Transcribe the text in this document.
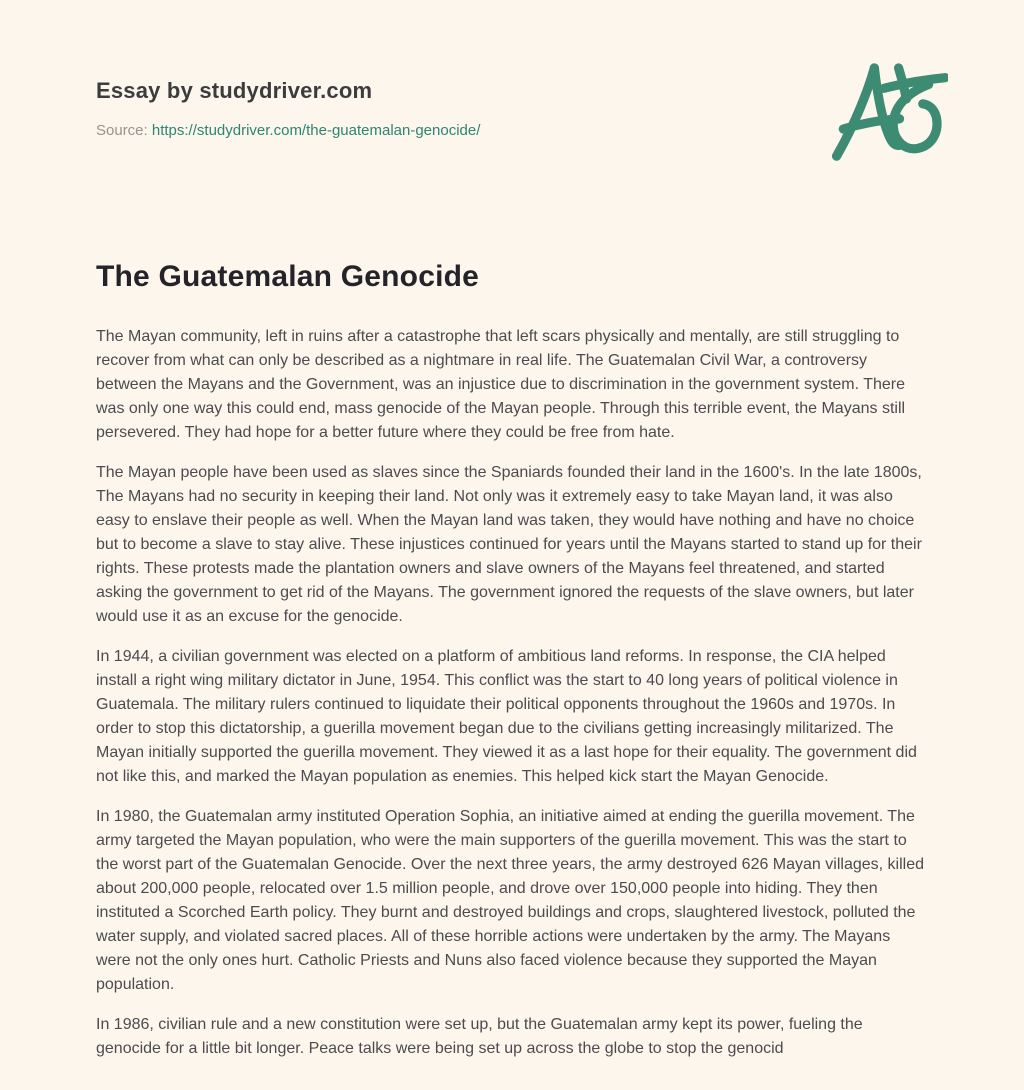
Essay by studydriver.com

Source: https://studydriver.com/the-guatemalan-genocide/

The Guatemalan Genocide

The Mayan community, left in ruins after a catastrophe that left scars physically and mentally, are still struggling to recover from what can only be described as a nightmare in real life. The Guatemalan Civil War, a controversy between the Mayans and the Government, was an injustice due to discrimination in the government system. There was only one way this could end, mass genocide of the Mayan people. Through this terrible event, the Mayans still persevered. They had hope for a better future where they could be free from hate.

The Mayan people have been used as slaves since the Spaniards founded their land in the 1600's. In the late 1800s, The Mayans had no security in keeping their land. Not only was it extremely easy to take Mayan land, it was also easy to enslave their people as well. When the Mayan land was taken, they would have nothing and have no choice but to become a slave to stay alive. These injustices continued for years until the Mayans started to stand up for their rights. These protests made the plantation owners and slave owners of the Mayans feel threatened, and started asking the government to get rid of the Mayans. The government ignored the requests of the slave owners, but later would use it as an excuse for the genocide.

In 1944, a civilian government was elected on a platform of ambitious land reforms. In response, the CIA helped install a right wing military dictator in June, 1954. This conflict was the start to 40 long years of political violence in Guatemala. The military rulers continued to liquidate their political opponents throughout the 1960s and 1970s. In order to stop this dictatorship, a guerilla movement began due to the civilians getting increasingly militarized. The Mayan initially supported the guerilla movement. They viewed it as a last hope for their equality. The government did not like this, and marked the Mayan population as enemies. This helped kick start the Mayan Genocide.

In 1980, the Guatemalan army instituted Operation Sophia, an initiative aimed at ending the guerilla movement. The army targeted the Mayan population, who were the main supporters of the guerilla movement. This was the start to the worst part of the Guatemalan Genocide. Over the next three years, the army destroyed 626 Mayan villages, killed about 200,000 people, relocated over 1.5 million people, and drove over 150,000 people into hiding. They then instituted a Scorched Earth policy. They burnt and destroyed buildings and crops, slaughtered livestock, polluted the water supply, and violated sacred places. All of these horrible actions were undertaken by the army. The Mayans were not the only ones hurt. Catholic Priests and Nuns also faced violence because they supported the Mayan population.

In 1986, civilian rule and a new constitution were set up, but the Guatemalan army kept its power, fueling the genocide for a little bit longer. Peace talks were being set up across the globe to stop the genocid
